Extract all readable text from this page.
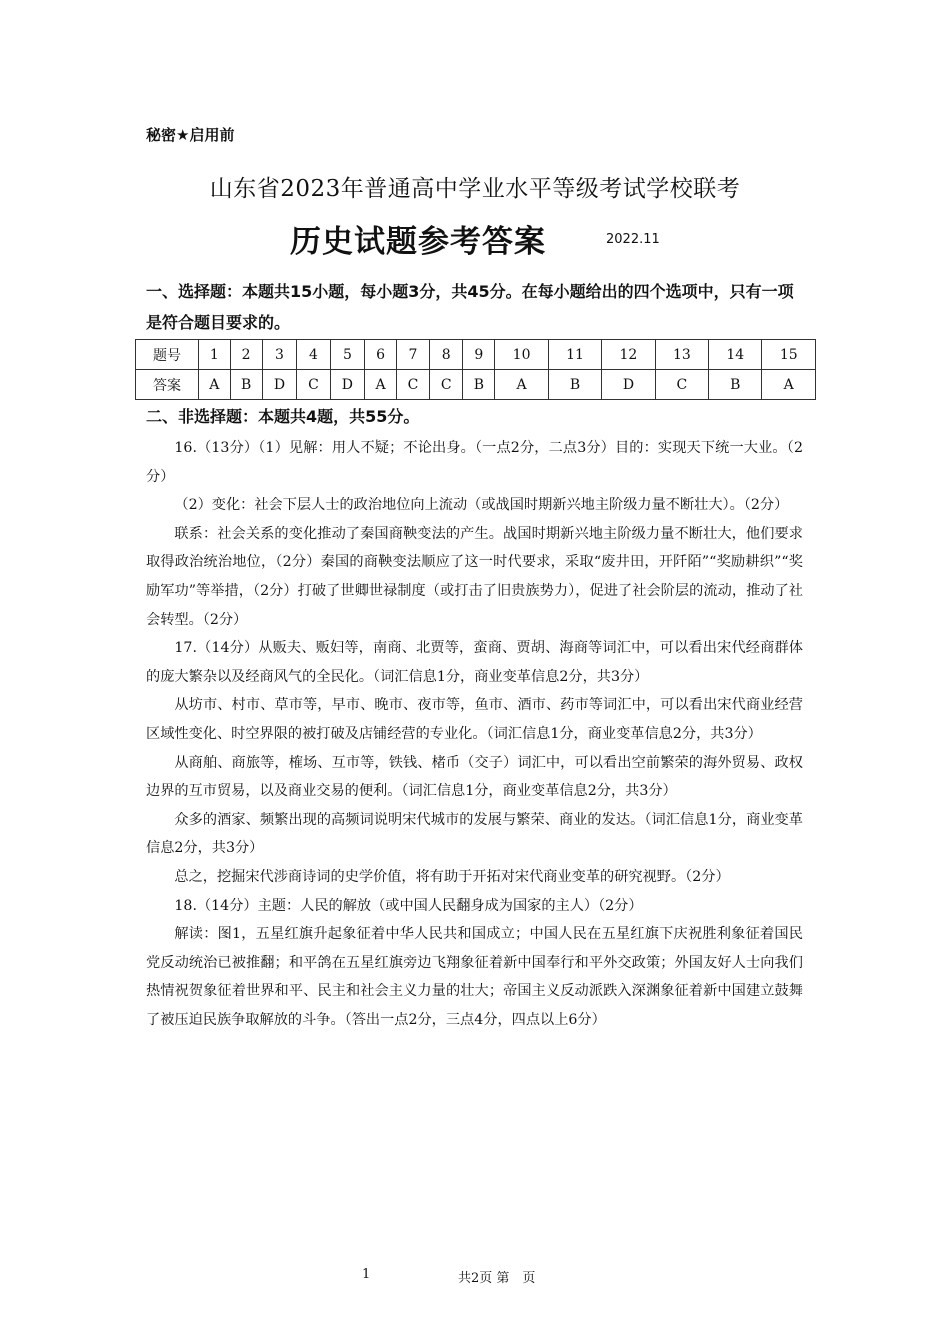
秘密★启用前
山东省2023年普通高中学业水平等级考试学校联考
历史试题参考答案	2022.11
一、选择题：本题共15小题，每小题3分，共45分。在每小题给出的四个选项中，只有一项是符合题目要求的。
题号	1	2	3	4	5	6	7	8	9	10	11	12	13	14	15
答案	A	B	D	C	D	A	C	C	B	A	B	D	C	B	A
二、非选择题：本题共4题，共55分。

16.（13分）（1）见解：用人不疑；不论出身。（一点2分，二点3分）目的：实现天下统一大业。（2分）

（2）变化：社会下层人士的政治地位向上流动（或战国时期新兴地主阶级力量不断壮大）。（2分）

联系：社会关系的变化推动了秦国商鞅变法的产生。战国时期新兴地主阶级力量不断壮大，他们要求取得政治统治地位，（2分）秦国的商鞅变法顺应了这一时代要求，采取“废井田，开阡陌”“奖励耕织”“奖励军功”等举措，（2分）打破了世卿世禄制度（或打击了旧贵族势力），促进了社会阶层的流动，推动了社会转型。（2分）

17.（14分）从贩夫、贩妇等，南商、北贾等，蛮商、贾胡、海商等词汇中，可以看出宋代经商群体的庞大繁杂以及经商风气的全民化。（词汇信息1分，商业变革信息2分，共3分）

从坊市、村市、草市等，早市、晚市、夜市等，鱼市、酒市、药市等词汇中，可以看出宋代商业经营区域性变化、时空界限的被打破及店铺经营的专业化。（词汇信息1分，商业变革信息2分，共3分）

从商舶、商旅等，榷场、互市等，铁钱、楮币（交子）词汇中，可以看出空前繁荣的海外贸易、政权边界的互市贸易，以及商业交易的便利。（词汇信息1分，商业变革信息2分，共3分）

众多的酒家、频繁出现的高频词说明宋代城市的发展与繁荣、商业的发达。（词汇信息1分，商业变革信息2分，共3分）

总之，挖掘宋代涉商诗词的史学价值，将有助于开拓对宋代商业变革的研究视野。（2分）

18.（14分）主题：人民的解放（或中国人民翻身成为国家的主人）（2分）

解读：图1，五星红旗升起象征着中华人民共和国成立；中国人民在五星红旗下庆祝胜利象征着国民党反动统治已被推翻；和平鸽在五星红旗旁边飞翔象征着新中国奉行和平外交政策；外国友好人士向我们热情祝贺象征着世界和平、民主和社会主义力量的壮大；帝国主义反动派跌入深渊象征着新中国建立鼓舞了被压迫民族争取解放的斗争。（答出一点2分，三点4分，四点以上6分）

1	共2页 第　页
